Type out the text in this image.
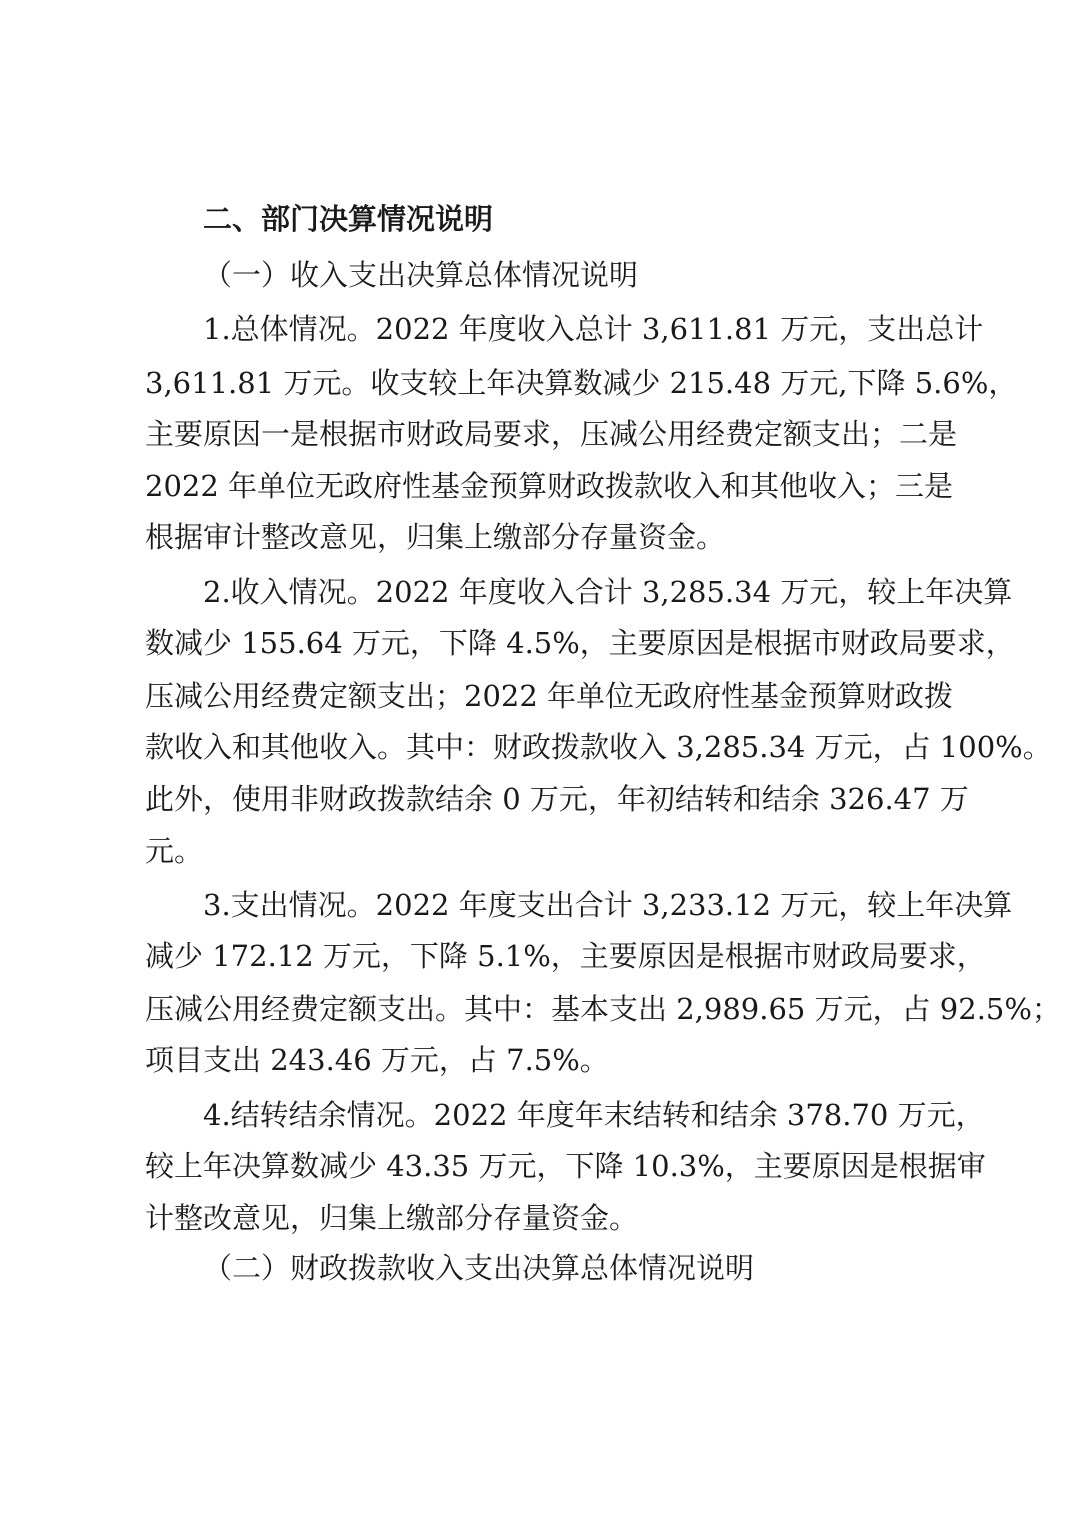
二、部门决算情况说明
（一）收入支出决算总体情况说明
1.总体情况。2022 年度收入总计 3,611.81 万元，支出总计
3,611.81 万元。收支较上年决算数减少 215.48 万元,下降 5.6%，
主要原因一是根据市财政局要求，压减公用经费定额支出；二是
2022 年单位无政府性基金预算财政拨款收入和其他收入；三是
根据审计整改意见，归集上缴部分存量资金。
2.收入情况。2022 年度收入合计 3,285.34 万元，较上年决算
数减少 155.64 万元，下降 4.5%，主要原因是根据市财政局要求，
压减公用经费定额支出；2022 年单位无政府性基金预算财政拨
款收入和其他收入。其中：财政拨款收入 3,285.34 万元，占 100%。
此外，使用非财政拨款结余 0 万元，年初结转和结余 326.47 万
元。
3.支出情况。2022 年度支出合计 3,233.12 万元，较上年决算
减少 172.12 万元，下降 5.1%，主要原因是根据市财政局要求，
压减公用经费定额支出。其中：基本支出 2,989.65 万元，占 92.5%；
项目支出 243.46 万元，占 7.5%。
4.结转结余情况。2022 年度年末结转和结余 378.70 万元，
较上年决算数减少 43.35 万元，下降 10.3%，主要原因是根据审
计整改意见，归集上缴部分存量资金。
（二）财政拨款收入支出决算总体情况说明
